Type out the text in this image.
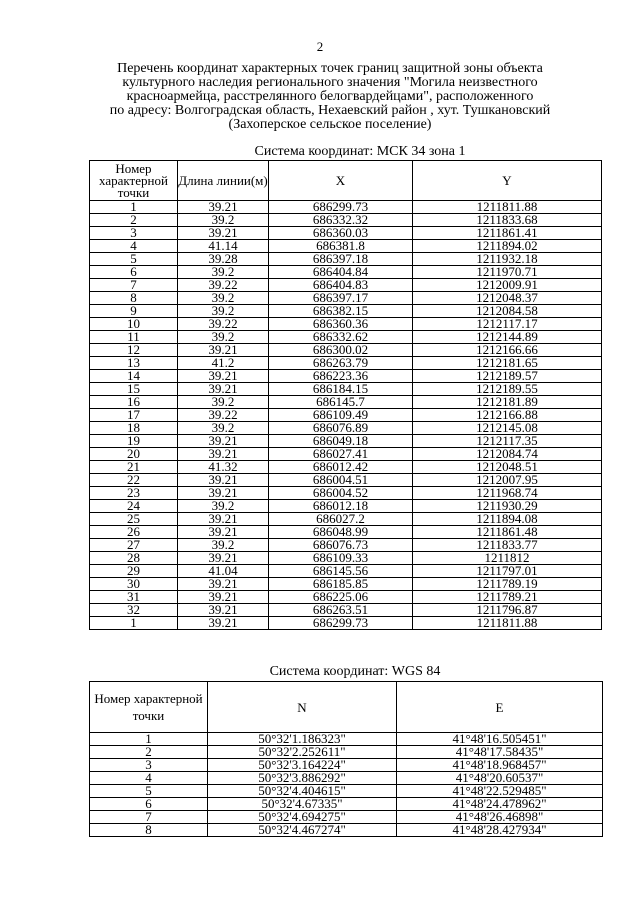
2
Перечень координат характерных точек границ защитной зоны объекта
культурного наследия регионального значения "Могила неизвестного
красноармейца, расстрелянного белогвардейцами", расположенного
по адресу: Волгоградская область, Нехаевский район , хут. Тушкановский
(Захоперское сельское поселение)
Система координат: МСК 34 зона 1
Номер характерной точки	Длина линии(м)	X	Y
1	39.21	686299.73	1211811.88
2	39.2	686332.32	1211833.68
3	39.21	686360.03	1211861.41
4	41.14	686381.8	1211894.02
5	39.28	686397.18	1211932.18
6	39.2	686404.84	1211970.71
7	39.22	686404.83	1212009.91
8	39.2	686397.17	1212048.37
9	39.2	686382.15	1212084.58
10	39.22	686360.36	1212117.17
11	39.2	686332.62	1212144.89
12	39.21	686300.02	1212166.66
13	41.2	686263.79	1212181.65
14	39.21	686223.36	1212189.57
15	39.21	686184.15	1212189.55
16	39.2	686145.7	1212181.89
17	39.22	686109.49	1212166.88
18	39.2	686076.89	1212145.08
19	39.21	686049.18	1212117.35
20	39.21	686027.41	1212084.74
21	41.32	686012.42	1212048.51
22	39.21	686004.51	1212007.95
23	39.21	686004.52	1211968.74
24	39.2	686012.18	1211930.29
25	39.21	686027.2	1211894.08
26	39.21	686048.99	1211861.48
27	39.2	686076.73	1211833.77
28	39.21	686109.33	1211812
29	41.04	686145.56	1211797.01
30	39.21	686185.85	1211789.19
31	39.21	686225.06	1211789.21
32	39.21	686263.51	1211796.87
1	39.21	686299.73	1211811.88
Система координат: WGS 84
Номер характерной точки	N	E
1	50°32'1.186323"	41°48'16.505451"
2	50°32'2.252611"	41°48'17.58435"
3	50°32'3.164224"	41°48'18.968457"
4	50°32'3.886292"	41°48'20.60537"
5	50°32'4.404615"	41°48'22.529485"
6	50°32'4.67335"	41°48'24.478962"
7	50°32'4.694275"	41°48'26.46898"
8	50°32'4.467274"	41°48'28.427934"
